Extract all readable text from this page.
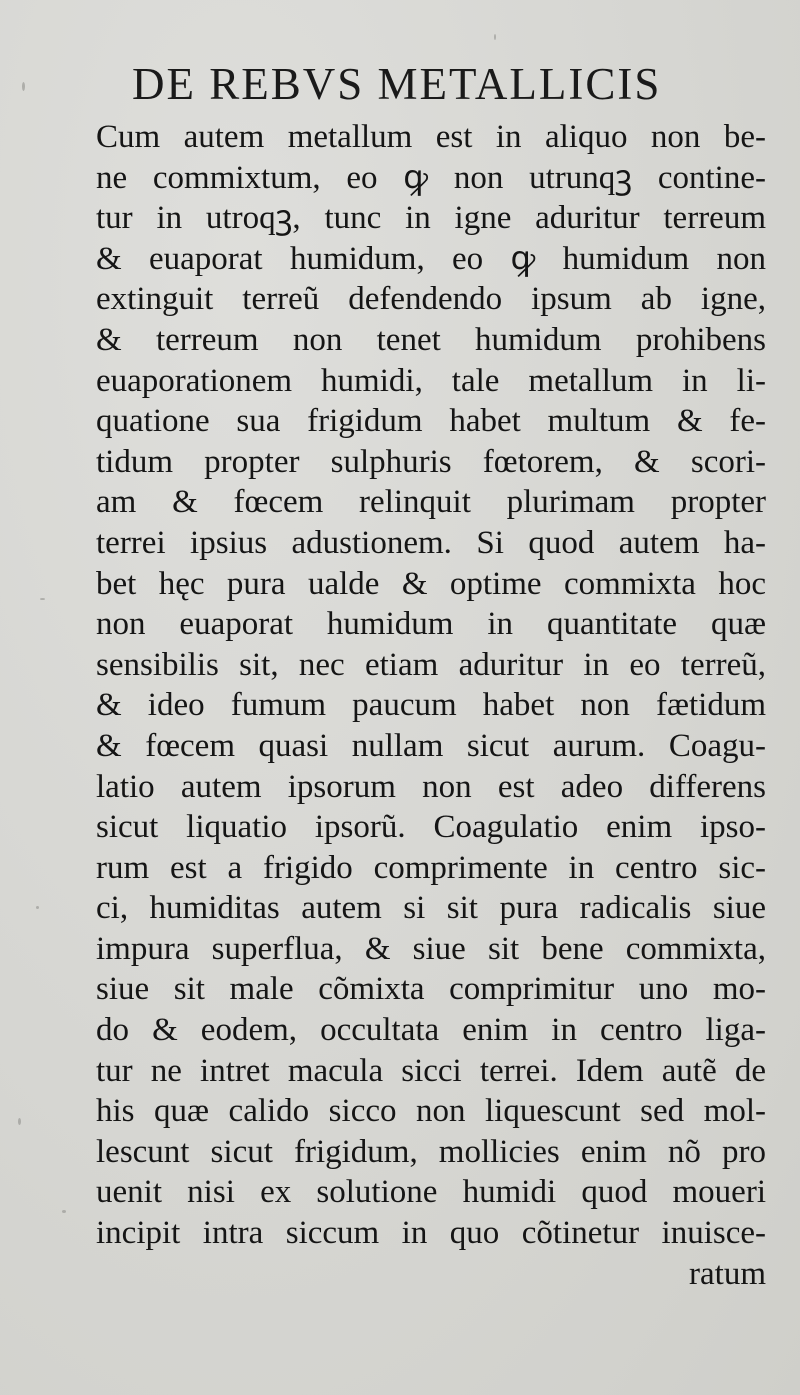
DE REBVS METALLICIS
Cum autem metallum est in aliquo non be-
ne commixtum, eo ꝙ non utrunqꝫ contine-
tur in utroqꝫ, tunc in igne aduritur terreum
& euaporat humidum, eo ꝙ humidum non
extinguit terreũ defendendo ipsum ab igne,
& terreum non tenet humidum prohibens
euaporationem humidi, tale metallum in li-
quatione sua frigidum habet multum & fe-
tidum propter sulphuris fœtorem, & scori-
am & fœcem relinquit plurimam propter
terrei ipsius adustionem. Si quod autem ha-
bet hęc pura ualde & optime commixta hoc
non euaporat humidum in quantitate quæ
sensibilis sit, nec etiam aduritur in eo terreũ,
& ideo fumum paucum habet non fætidum
& fœcem quasi nullam sicut aurum. Coagu-
latio autem ipsorum non est adeo differens
sicut liquatio ipsorũ. Coagulatio enim ipso-
rum est a frigido comprimente in centro sic-
ci, humiditas autem si sit pura radicalis siue
impura superflua, & siue sit bene commixta,
siue sit male cõmixta comprimitur uno mo-
do & eodem, occultata enim in centro liga-
tur ne intret macula sicci terrei. Idem autẽ de
his quæ calido sicco non liquescunt sed mol-
lescunt sicut frigidum, mollicies enim nõ pro
uenit nisi ex solutione humidi quod moueri
incipit intra siccum in quo cõtinetur inuisce-
ratum
